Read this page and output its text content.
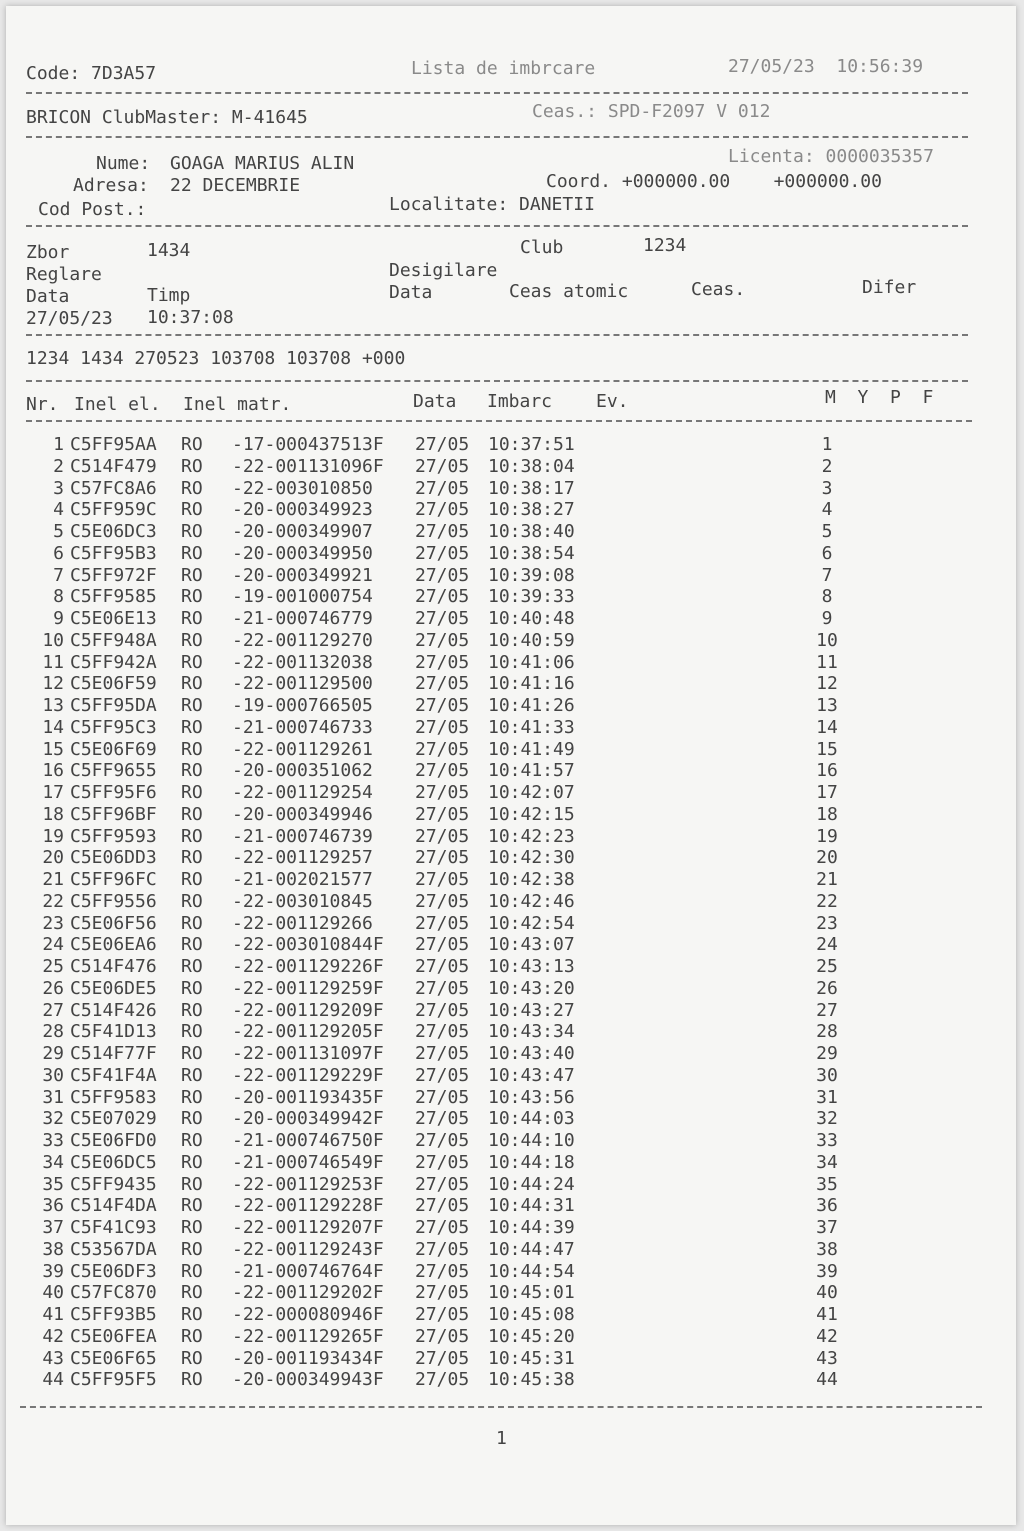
Code: 7D3A57	Lista de imbrcare	27/05/23  10:56:39
BRICON ClubMaster: M-41645	Ceas.: SPD-F2097 V 012
Nume: GOAGA MARIUS ALIN	Licenta: 0000035357
Adresa: 22 DECEMBRIE	Coord. +000000.00    +000000.00
Cod Post.:	Localitate: DANETII
Zbor	1434	Club	1234
Reglare	Desigilare
Data	Timp	Data	Ceas atomic	Ceas.	Difer
27/05/23 10:37:08
1234 1434 270523 103708 103708 +000
Nr. Inel el. Inel matr.	Data Imbarc Ev.	M  Y  P  F
1 C5FF95AA RO -17-000437513F 27/05 10:37:51	1
2 C514F479 RO -22-001131096F 27/05 10:38:04	2
3 C57FC8A6 RO -22-003010850 27/05 10:38:17	3
4 C5FF959C RO -20-000349923 27/05 10:38:27	4
5 C5E06DC3 RO -20-000349907 27/05 10:38:40	5
6 C5FF95B3 RO -20-000349950 27/05 10:38:54	6
7 C5FF972F RO -20-000349921 27/05 10:39:08	7
8 C5FF9585 RO -19-001000754 27/05 10:39:33	8
9 C5E06E13 RO -21-000746779 27/05 10:40:48	9
10 C5FF948A RO -22-001129270 27/05 10:40:59	10
11 C5FF942A RO -22-001132038 27/05 10:41:06	11
12 C5E06F59 RO -22-001129500 27/05 10:41:16	12
13 C5FF95DA RO -19-000766505 27/05 10:41:26	13
14 C5FF95C3 RO -21-000746733 27/05 10:41:33	14
15 C5E06F69 RO -22-001129261 27/05 10:41:49	15
16 C5FF9655 RO -20-000351062 27/05 10:41:57	16
17 C5FF95F6 RO -22-001129254 27/05 10:42:07	17
18 C5FF96BF RO -20-000349946 27/05 10:42:15	18
19 C5FF9593 RO -21-000746739 27/05 10:42:23	19
20 C5E06DD3 RO -22-001129257 27/05 10:42:30	20
21 C5FF96FC RO -21-002021577 27/05 10:42:38	21
22 C5FF9556 RO -22-003010845 27/05 10:42:46	22
23 C5E06F56 RO -22-001129266 27/05 10:42:54	23
24 C5E06EA6 RO -22-003010844F 27/05 10:43:07	24
25 C514F476 RO -22-001129226F 27/05 10:43:13	25
26 C5E06DE5 RO -22-001129259F 27/05 10:43:20	26
27 C514F426 RO -22-001129209F 27/05 10:43:27	27
28 C5F41D13 RO -22-001129205F 27/05 10:43:34	28
29 C514F77F RO -22-001131097F 27/05 10:43:40	29
30 C5F41F4A RO -22-001129229F 27/05 10:43:47	30
31 C5FF9583 RO -20-001193435F 27/05 10:43:56	31
32 C5E07029 RO -20-000349942F 27/05 10:44:03	32
33 C5E06FD0 RO -21-000746750F 27/05 10:44:10	33
34 C5E06DC5 RO -21-000746549F 27/05 10:44:18	34
35 C5FF9435 RO -22-001129253F 27/05 10:44:24	35
36 C514F4DA RO -22-001129228F 27/05 10:44:31	36
37 C5F41C93 RO -22-001129207F 27/05 10:44:39	37
38 C53567DA RO -22-001129243F 27/05 10:44:47	38
39 C5E06DF3 RO -21-000746764F 27/05 10:44:54	39
40 C57FC870 RO -22-001129202F 27/05 10:45:01	40
41 C5FF93B5 RO -22-000080946F 27/05 10:45:08	41
42 C5E06FEA RO -22-001129265F 27/05 10:45:20	42
43 C5E06F65 RO -20-001193434F 27/05 10:45:31	43
44 C5FF95F5 RO -20-000349943F 27/05 10:45:38	44
1
